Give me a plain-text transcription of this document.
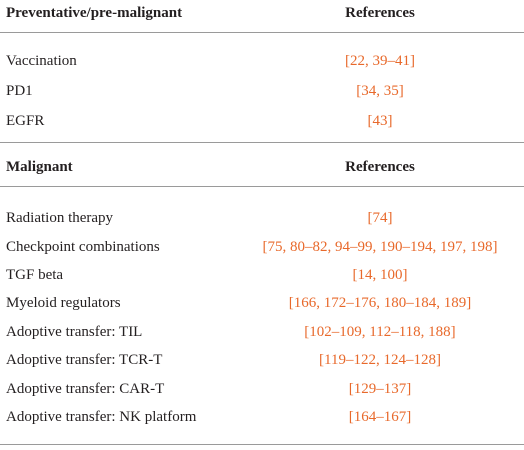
Preventative/pre-malignant	References
Vaccination	[22, 39–41]
PD1	[34, 35]
EGFR	[43]
Malignant	References
Radiation therapy	[74]
Checkpoint combinations	[75, 80–82, 94–99, 190–194, 197, 198]
TGF beta	[14, 100]
Myeloid regulators	[166, 172–176, 180–184, 189]
Adoptive transfer: TIL	[102–109, 112–118, 188]
Adoptive transfer: TCR-T	[119–122, 124–128]
Adoptive transfer: CAR-T	[129–137]
Adoptive transfer: NK platform	[164–167]
